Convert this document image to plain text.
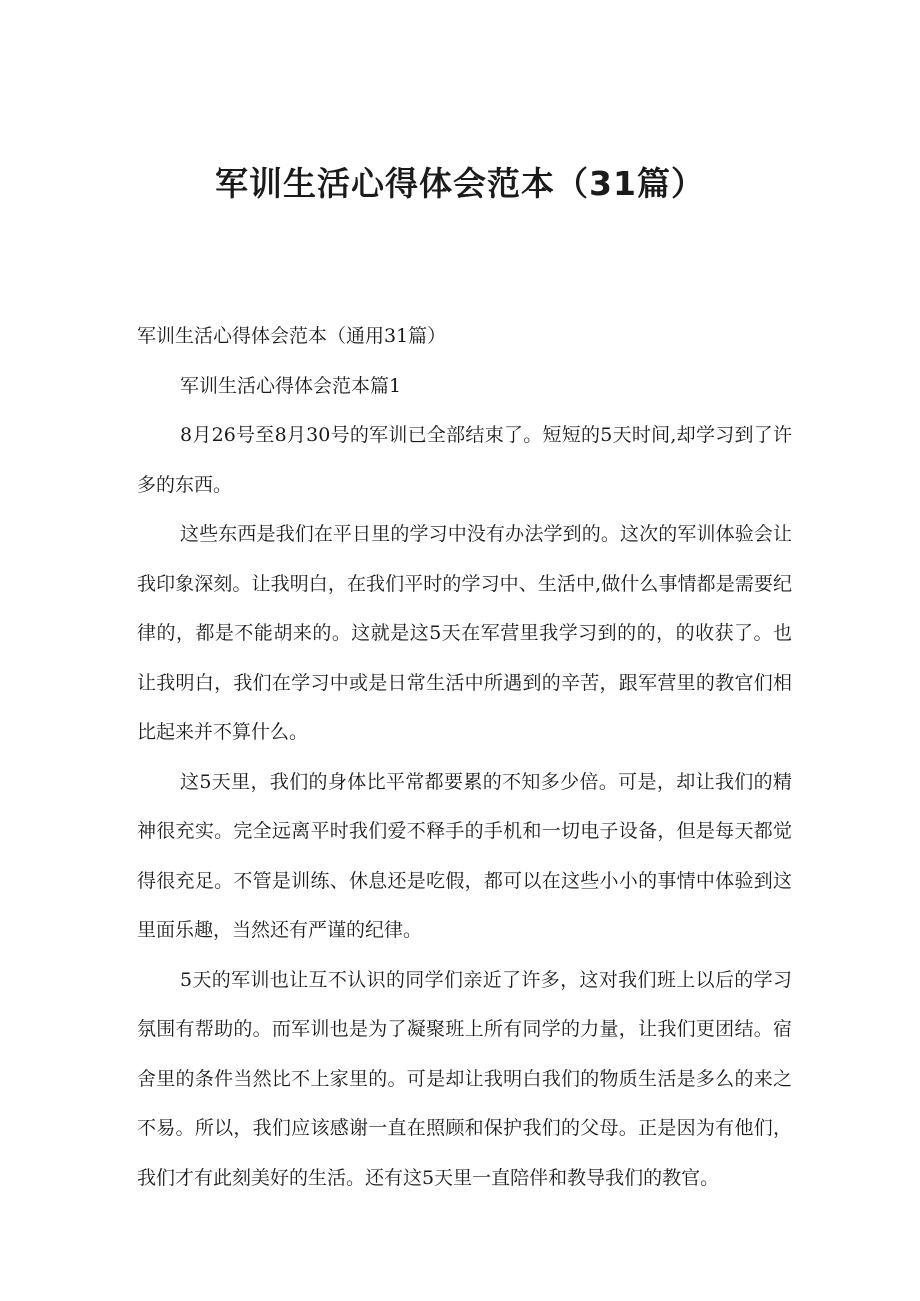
军训生活心得体会范本（31篇）

军训生活心得体会范本（通用31篇）

军训生活心得体会范本篇1

8月26号至8月30号的军训已全部结束了。短短的5天时间,却学习到了许多的东西。

这些东西是我们在平日里的学习中没有办法学到的。这次的军训体验会让我印象深刻。让我明白，在我们平时的学习中、生活中,做什么事情都是需要纪律的，都是不能胡来的。这就是这5天在军营里我学习到的的，的收获了。也让我明白，我们在学习中或是日常生活中所遇到的辛苦，跟军营里的教官们相比起来并不算什么。

这5天里，我们的身体比平常都要累的不知多少倍。可是，却让我们的精神很充实。完全远离平时我们爱不释手的手机和一切电子设备，但是每天都觉得很充足。不管是训练、休息还是吃假，都可以在这些小小的事情中体验到这里面乐趣，当然还有严谨的纪律。

5天的军训也让互不认识的同学们亲近了许多，这对我们班上以后的学习氛围有帮助的。而军训也是为了凝聚班上所有同学的力量，让我们更团结。宿舍里的条件当然比不上家里的。可是却让我明白我们的物质生活是多么的来之不易。所以，我们应该感谢一直在照顾和保护我们的父母。正是因为有他们，我们才有此刻美好的生活。还有这5天里一直陪伴和教导我们的教官。
